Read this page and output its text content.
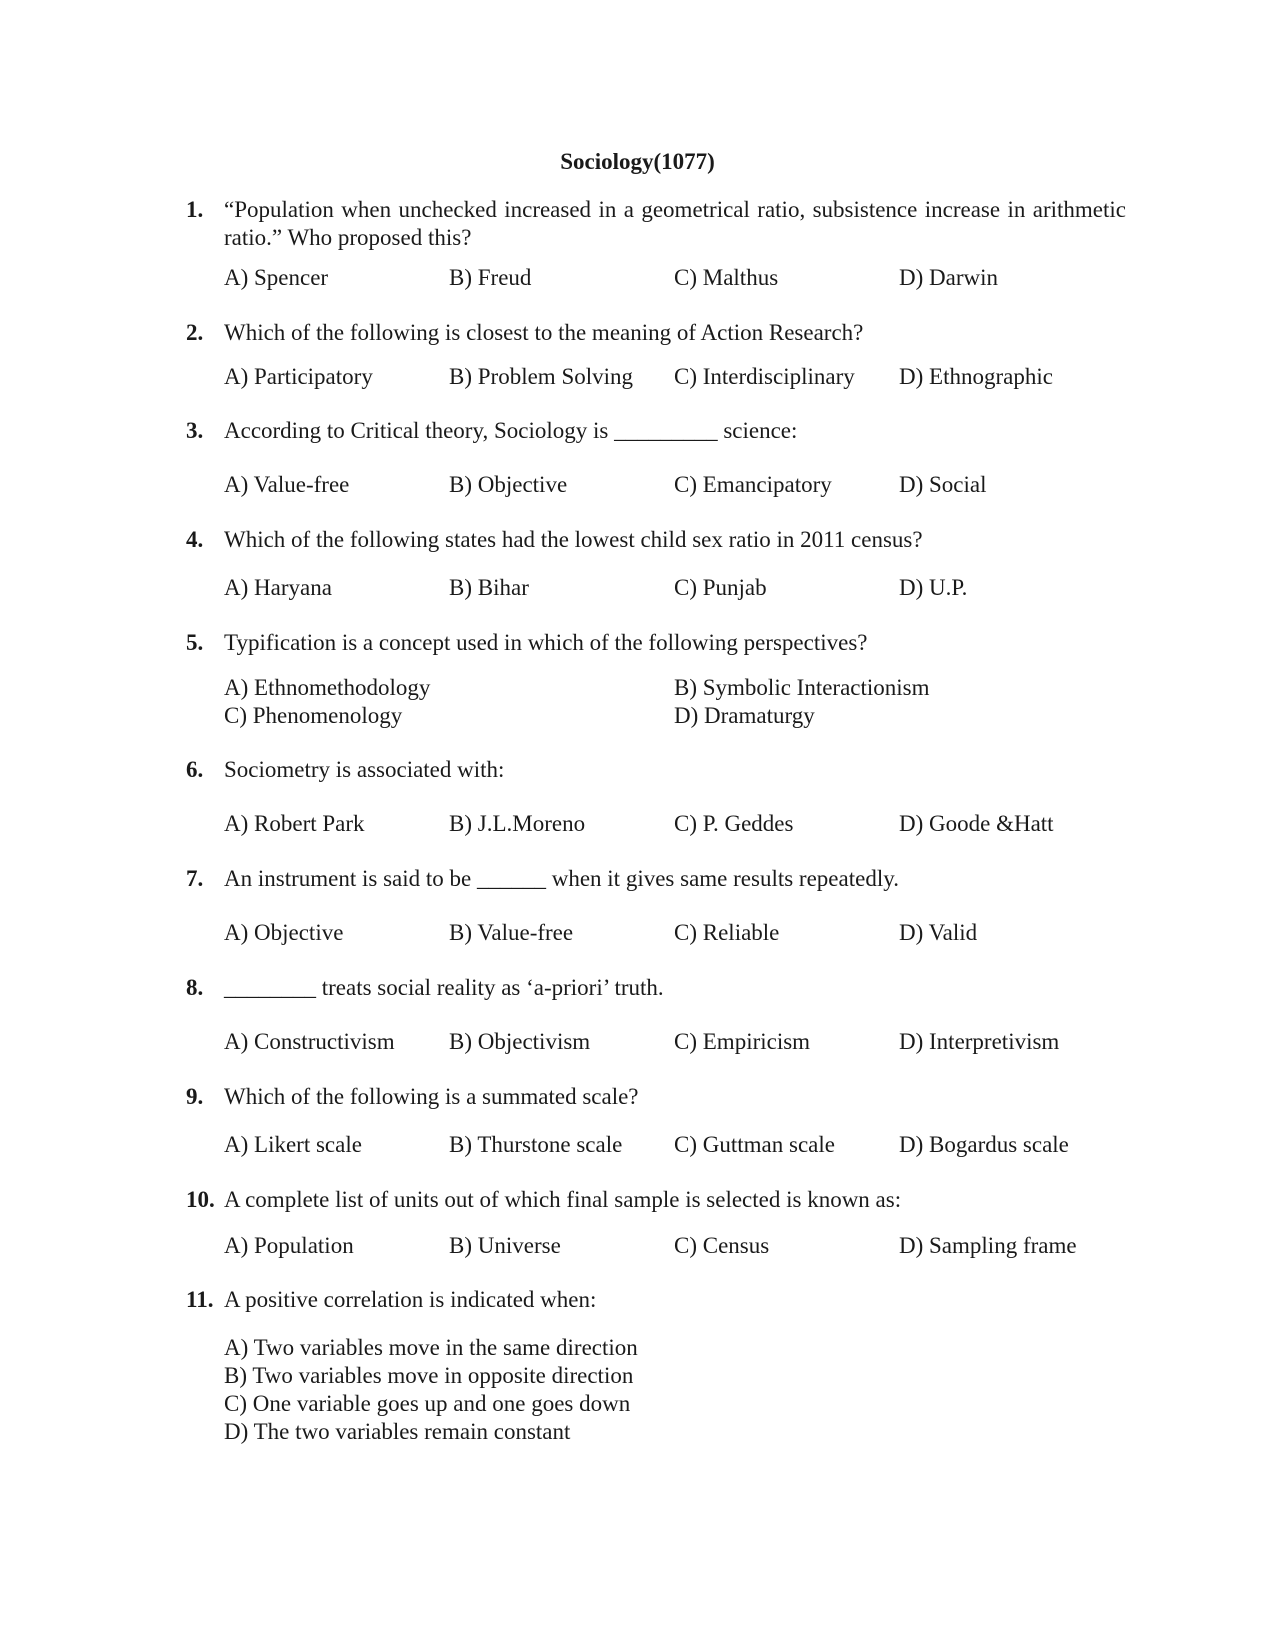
Sociology(1077)
1. “Population when unchecked increased in a geometrical ratio, subsistence increase in arithmetic ratio.” Who proposed this?
A) Spencer	B) Freud	C) Malthus	D) Darwin
2. Which of the following is closest to the meaning of Action Research?
A) Participatory	B) Problem Solving	C) Interdisciplinary	D) Ethnographic
3. According to Critical theory, Sociology is _________ science:
A) Value-free	B) Objective	C) Emancipatory	D) Social
4. Which of the following states had the lowest child sex ratio in 2011 census?
A) Haryana	B) Bihar	C) Punjab	D) U.P.
5. Typification is a concept used in which of the following perspectives?
A) Ethnomethodology	B) Symbolic Interactionism
C) Phenomenology	D) Dramaturgy
6. Sociometry is associated with:
A) Robert Park	B) J.L.Moreno	C) P. Geddes	D) Goode &Hatt
7. An instrument is said to be ______ when it gives same results repeatedly.
A) Objective	B) Value-free	C) Reliable	D) Valid
8. ________ treats social reality as ‘a-priori’ truth.
A) Constructivism	B) Objectivism	C) Empiricism	D) Interpretivism
9. Which of the following is a summated scale?
A) Likert scale	B) Thurstone scale	C) Guttman scale	D) Bogardus scale
10. A complete list of units out of which final sample is selected is known as:
A) Population	B) Universe	C) Census	D) Sampling frame
11. A positive correlation is indicated when:
A) Two variables move in the same direction
B) Two variables move in opposite direction
C) One variable goes up and one goes down
D) The two variables remain constant
